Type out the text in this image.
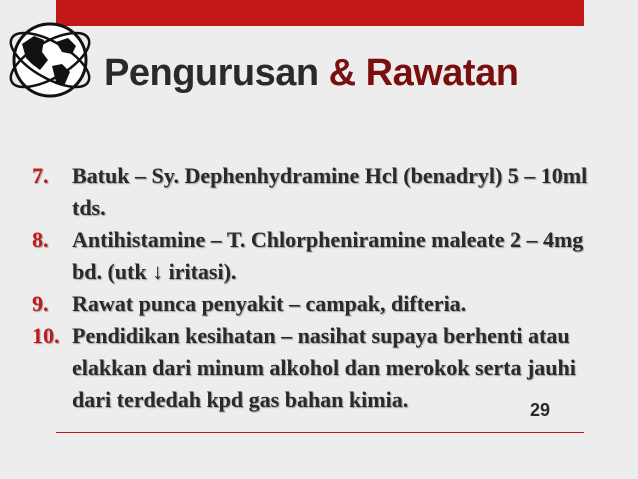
Pengurusan & Rawatan
7.	Batuk – Sy. Dephenhydramine Hcl (benadryl) 5 – 10ml tds.
8.	Antihistamine – T. Chlorpheniramine maleate 2 – 4mg bd. (utk ↓ iritasi).
9.	Rawat punca penyakit – campak, difteria.
10. Pendidikan kesihatan – nasihat supaya berhenti atau elakkan dari minum alkohol dan merokok serta jauhi dari terdedah kpd gas bahan kimia.	29
